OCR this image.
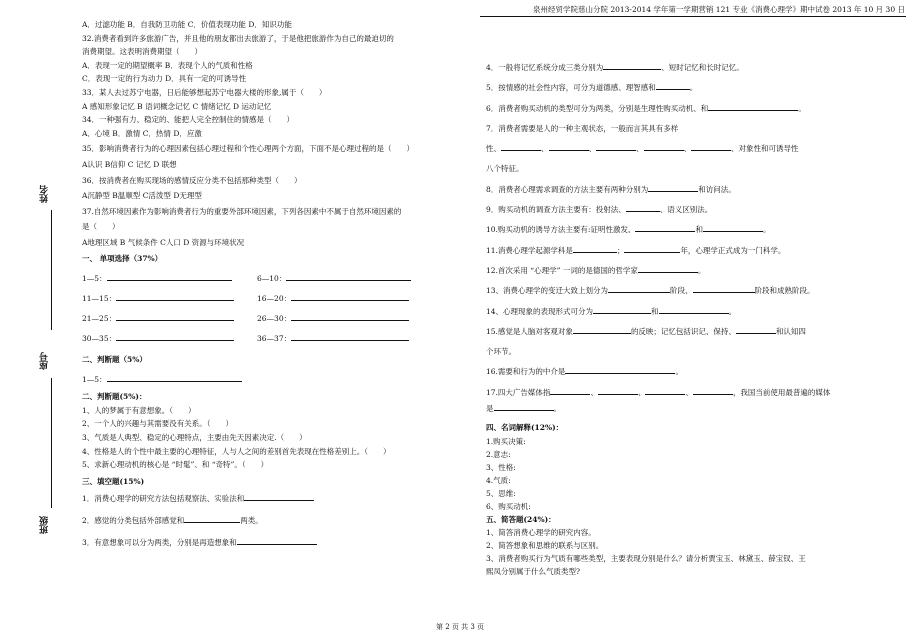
泉州经贸学院慈山分院 2013-2014 学年第一学期营销 121 专业《消费心理学》期中试卷 2013 年 10 月 30 日
姓名
座号
班级
A．过滤功能 B．自我防卫功能 C．价值表现功能 D．知识功能
32.消费者看到许多旅游广告，并且他的朋友都出去旅游了，于是他把旅游作为自己的最迫切的
消费期望。这表明消费期望（　　）
A．表现一定的期望概率 B．表现个人的气质和性格
C．表现一定的行为动力 D．具有一定的可诱导性
33．某人去过苏宁电器，日后能够想起苏宁电器大楼的形象,属于（　　）
A 感知形象记忆 B 语词概念记忆 C 情绪记忆 D 运动记忆
34．一种强有力、稳定的、能把人完全控制住的情感是（　　）
A．心境 B．激情 C．热情 D．应激
35．影响消费者行为的心理因素包括心理过程和个性心理两个方面，下面不是心理过程的是（　　）
A认识 B信仰 C 记忆 D 联想
36．按消费者在购买现场的感情反应分类不包括那种类型（　　）
A沉静型 B温顺型 C活泼型 D无理型
37.自然环境因素作为影响消费者行为的重要外部环境因素，下列各因素中不属于自然环境因素的
是（　　）
A地理区域 B 气候条件 C人口 D 资源与环境状况
一、 单项选择（37%）
1—5：	6—10：
11—15：	16—20：
21—25：	26—30：
30—35：	36—37：
二、判断题（5%）
1—5：
二、判断题(5%)：
1、人的梦属于有意想象。（　　）
2、一个人的兴趣与其需要没有关系。（　　）
3、气质是人典型、稳定的心理特点，主要由先天因素决定.（　　）
4、性格是人的个性中最主要的心理特征，人与人之间的差别首先表现在性格差别上。（　　）
5、求新心理动机的核心是 “时髦”、和 “奇特”。（　　）
三、填空题(15%)
1．消费心理学的研究方法包括观察法、实验法和
2．感觉的分类包括外部感觉和	两类。
3．有意想象可以分为两类，分别是再造想象和
4．一般将记忆系统分成三类分别为	、短时记忆和长时记忆。
5．按情感的社会性内容，可分为道德感、理智感和	。
6．消费者购买动机的类型可分为两类，分别是生理性购买动机、和	。
7．消费者需要是人的一种主观状态，一般而言其具有多样
性、	、	、	、	、	、对象性和可诱导性
八个特征。
8．消费者心理需求调查的方法主要有两种分别为	和访问法。
9．购买动机的调查方法主要有：投射法、	、语义区别法。
10.购买动机的诱导方法主要有:证明性激发、	和	。
11.消费心理学起源学科是	；	年，心理学正式成为一门科学。
12.首次采用 “心理学” 一词的是德国的哲学家	。
13、消费心理学的变迁大致上划分为	阶段、	阶段和成熟阶段。
14、心理现象的表现形式可分为	和	。
15.感觉是人脑对客观对象	的反映；记忆包括识记、保持、	和认知四
个环节。
16.需要和行为的中介是	。
17.四大广告媒体指	、	、	、	，我国当前使用最普遍的媒体
是	。
四、名词解释(12%)：
1.购买决策:
2.意志:
3、性格:
4.气质:
5、思维:
6、购买动机:
五、简答题(24%)：
1、简答消费心理学的研究内容。
2、简答想象和思维的联系与区别。
3、消费者购买行为气质有哪些类型，主要表现分别是什么？请分析贾宝玉、林黛玉、薛宝钗、王
熙凤分别属于什么气质类型?
第 2 页 共 3 页
